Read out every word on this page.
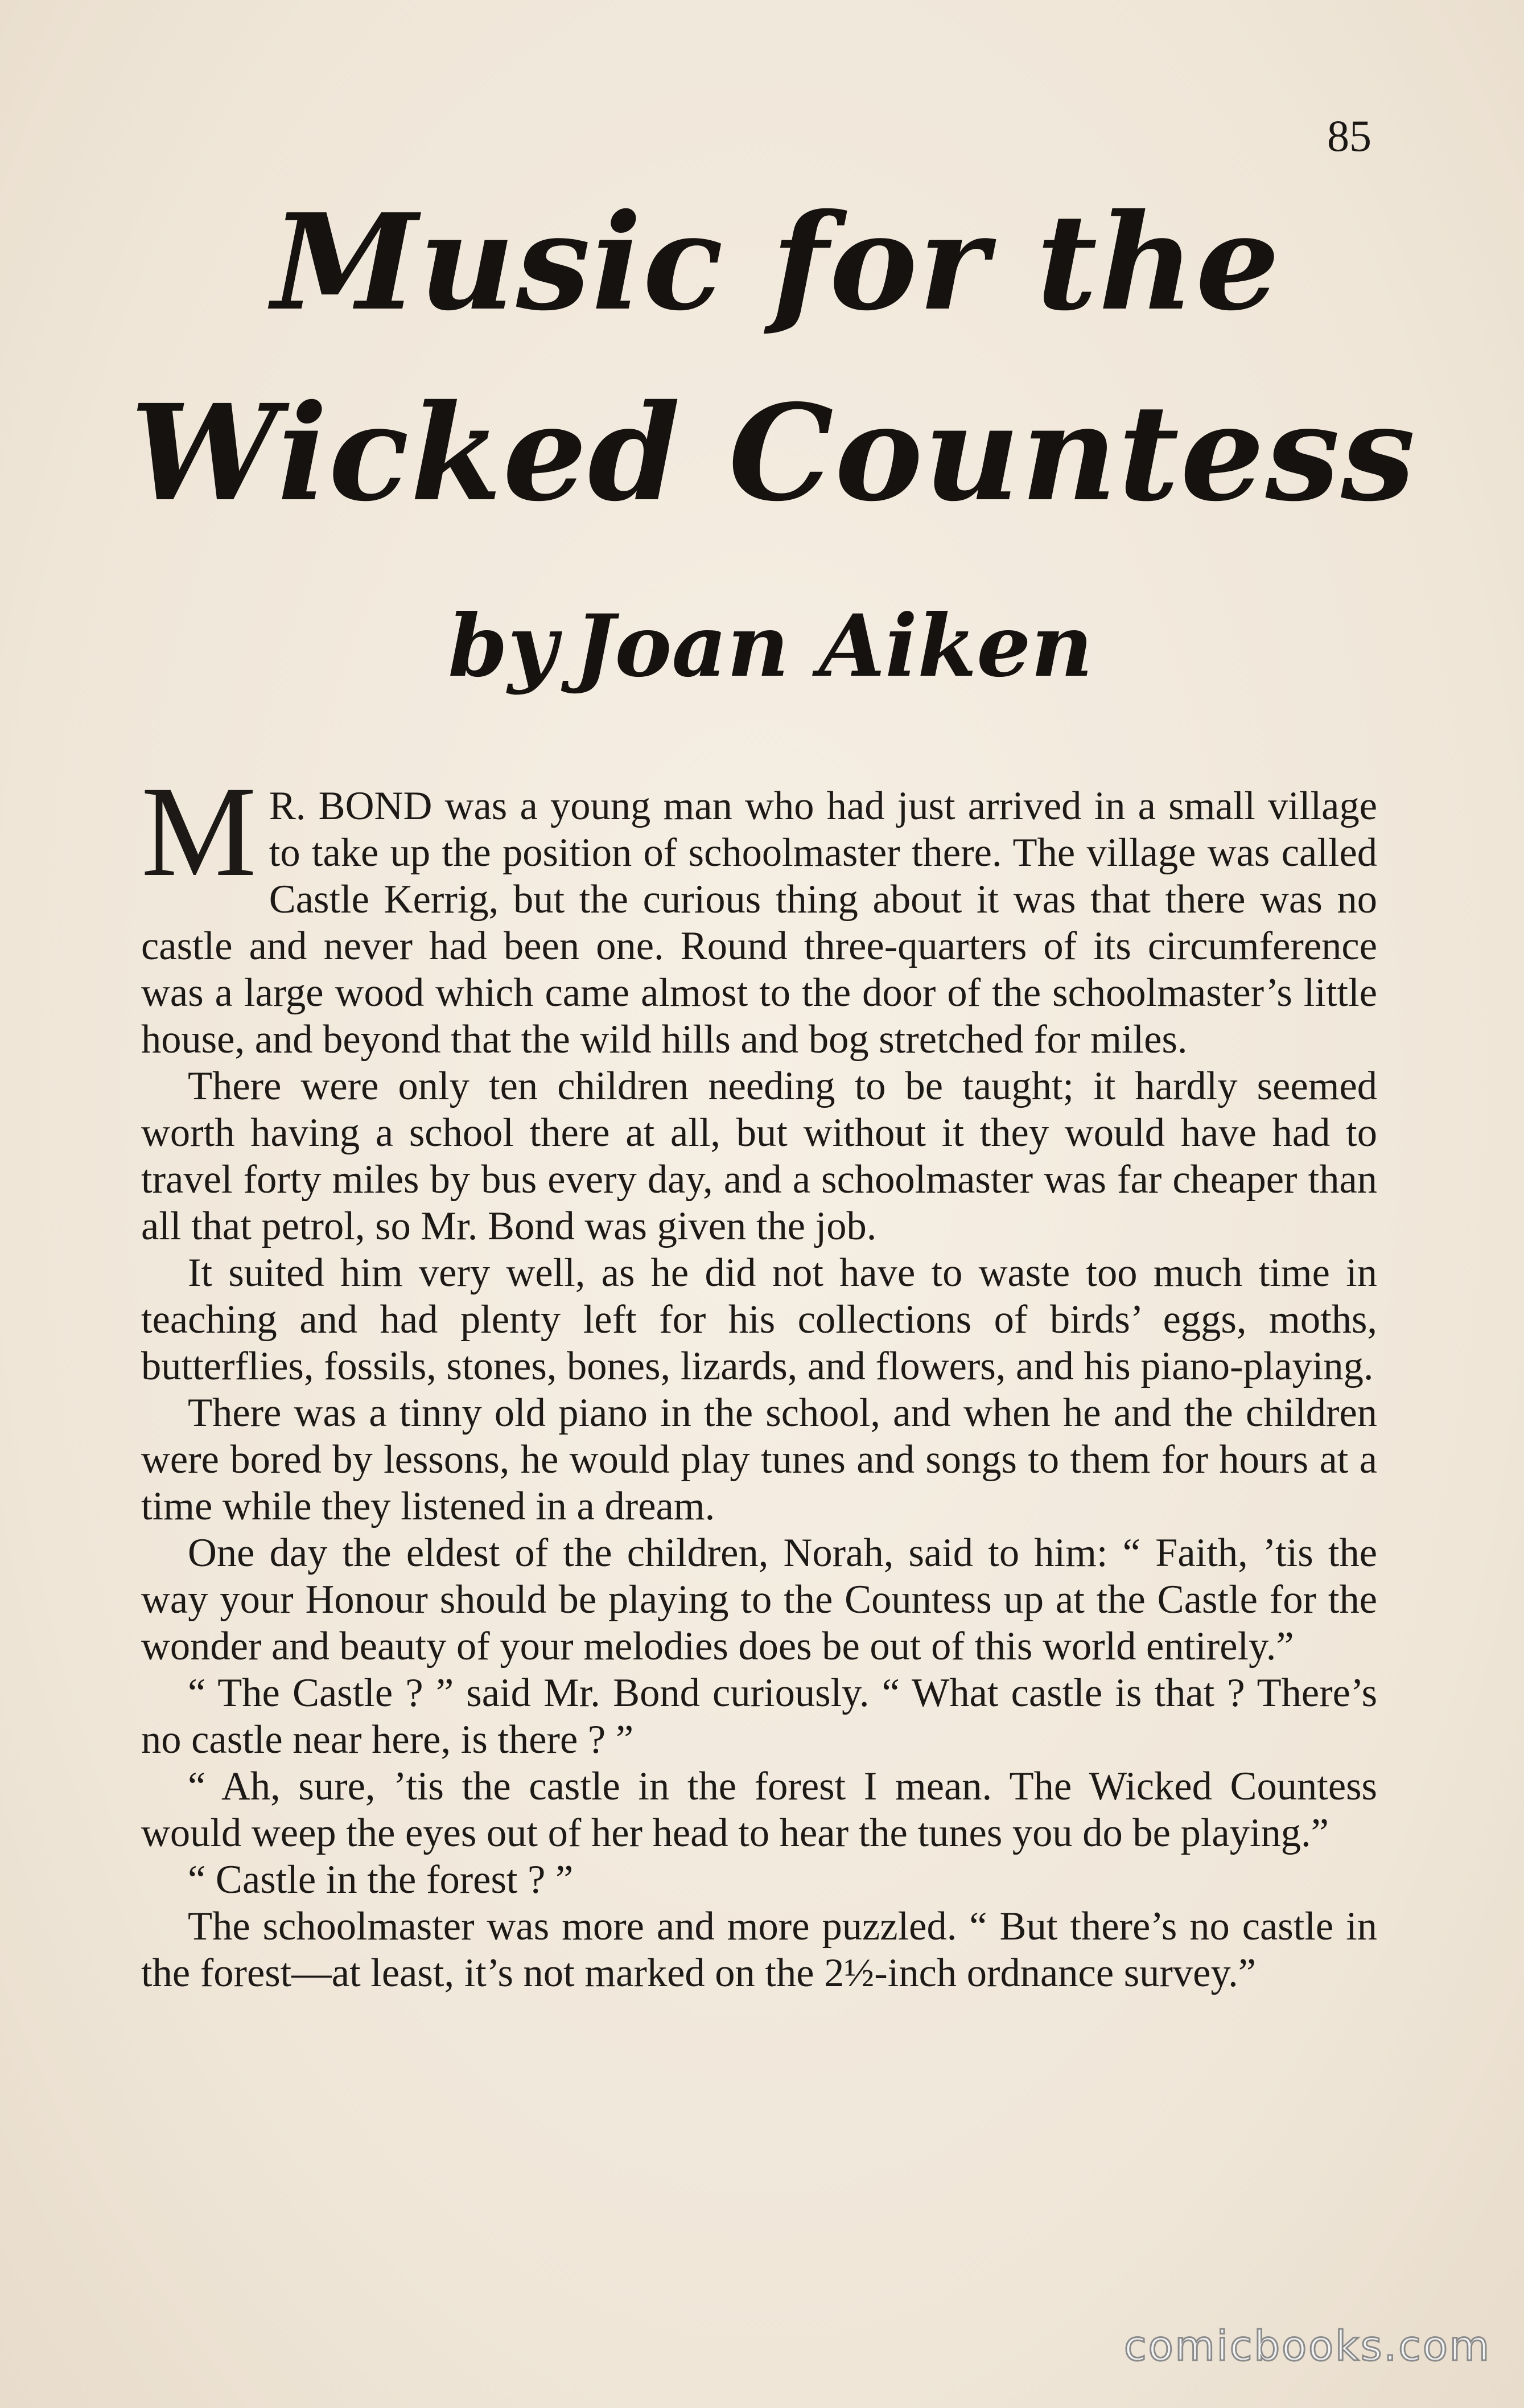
85
Music for the
Wicked Countess
by Joan Aiken

M R. BOND was a young man who had just arrived in a small village to take up the position of schoolmaster there. The village was called Castle Kerrig, but the curious thing about it was that there was no castle and never had been one. Round three-quarters of its circumference was a large wood which came almost to the door of the schoolmaster’s little house, and beyond that the wild hills and bog stretched for miles.

There were only ten children needing to be taught; it hardly seemed worth having a school there at all, but without it they would have had to travel forty miles by bus every day, and a schoolmaster was far cheaper than all that petrol, so Mr. Bond was given the job.

It suited him very well, as he did not have to waste too much time in teaching and had plenty left for his collections of birds’ eggs, moths, butterflies, fossils, stones, bones, lizards, and flowers, and his piano-playing.

There was a tinny old piano in the school, and when he and the children were bored by lessons, he would play tunes and songs to them for hours at a time while they listened in a dream.

One day the eldest of the children, Norah, said to him: “ Faith, ’tis the way your Honour should be playing to the Countess up at the Castle for the wonder and beauty of your melodies does be out of this world entirely.”

“ The Castle ? ” said Mr. Bond curiously. “ What castle is that ? There’s no castle near here, is there ? ”

“ Ah, sure, ’tis the castle in the forest I mean. The Wicked Countess would weep the eyes out of her head to hear the tunes you do be playing.”

“ Castle in the forest ? ”

The schoolmaster was more and more puzzled. “ But there’s no castle in the forest—at least, it’s not marked on the 2½-inch ordnance survey.”

comicbooks.com
